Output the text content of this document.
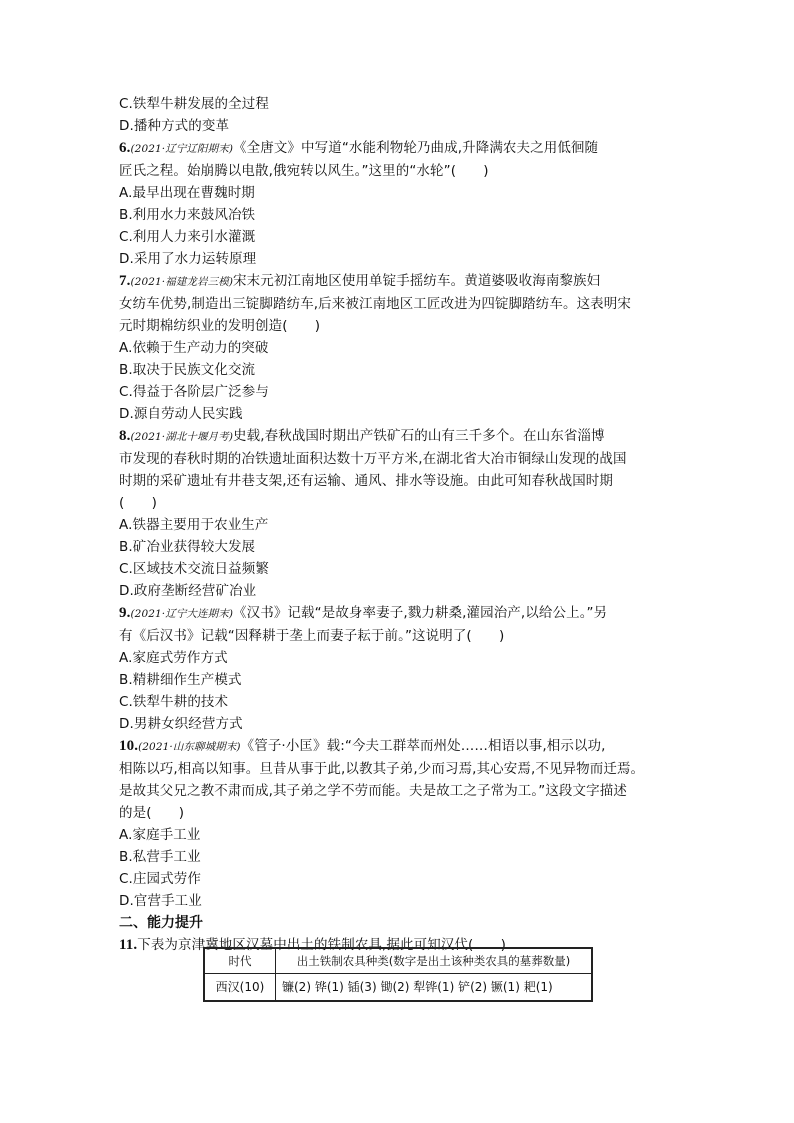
C.铁犁牛耕发展的全过程
D.播种方式的变革
6.(2021·辽宁辽阳期末)《全唐文》中写道“水能利物轮乃曲成,升降满农夫之用低徊随
匠氏之程。始崩腾以电散,俄宛转以风生。”这里的“水轮”(　　)
A.最早出现在曹魏时期
B.利用水力来鼓风冶铁
C.利用人力来引水灌溉
D.采用了水力运转原理
7.(2021·福建龙岩三模)宋末元初江南地区使用单锭手摇纺车。黄道婆吸收海南黎族妇
女纺车优势,制造出三锭脚踏纺车,后来被江南地区工匠改进为四锭脚踏纺车。这表明宋
元时期棉纺织业的发明创造(　　)
A.依赖于生产动力的突破
B.取决于民族文化交流
C.得益于各阶层广泛参与
D.源自劳动人民实践
8.(2021·湖北十堰月考)史载,春秋战国时期出产铁矿石的山有三千多个。在山东省淄博
市发现的春秋时期的冶铁遗址面积达数十万平方米,在湖北省大冶市铜绿山发现的战国
时期的采矿遗址有井巷支架,还有运输、通风、排水等设施。由此可知春秋战国时期
(　　)
A.铁器主要用于农业生产
B.矿冶业获得较大发展
C.区域技术交流日益频繁
D.政府垄断经营矿冶业
9.(2021·辽宁大连期末)《汉书》记载“是故身率妻子,戮力耕桑,灌园治产,以给公上。”另
有《后汉书》记载“因释耕于垄上而妻子耘于前。”这说明了(　　)
A.家庭式劳作方式
B.精耕细作生产模式
C.铁犁牛耕的技术
D.男耕女织经营方式
10.(2021·山东聊城期末)《管子·小匡》载:“今夫工群萃而州处……相语以事,相示以功,
相陈以巧,相高以知事。旦昔从事于此,以教其子弟,少而习焉,其心安焉,不见异物而迁焉。
是故其父兄之教不肃而成,其子弟之学不劳而能。夫是故工之子常为工。”这段文字描述
的是(　　)
A.家庭手工业
B.私营手工业
C.庄园式劳作
D.官营手工业
二、能力提升
11.下表为京津冀地区汉墓中出土的铁制农具,据此可知汉代(　　)
时代	出土铁制农具种类(数字是出土该种类农具的墓葬数量)
西汉(10)	镰(2) 铧(1) 锸(3) 锄(2) 犁铧(1) 铲(2) 镢(1) 耙(1)
